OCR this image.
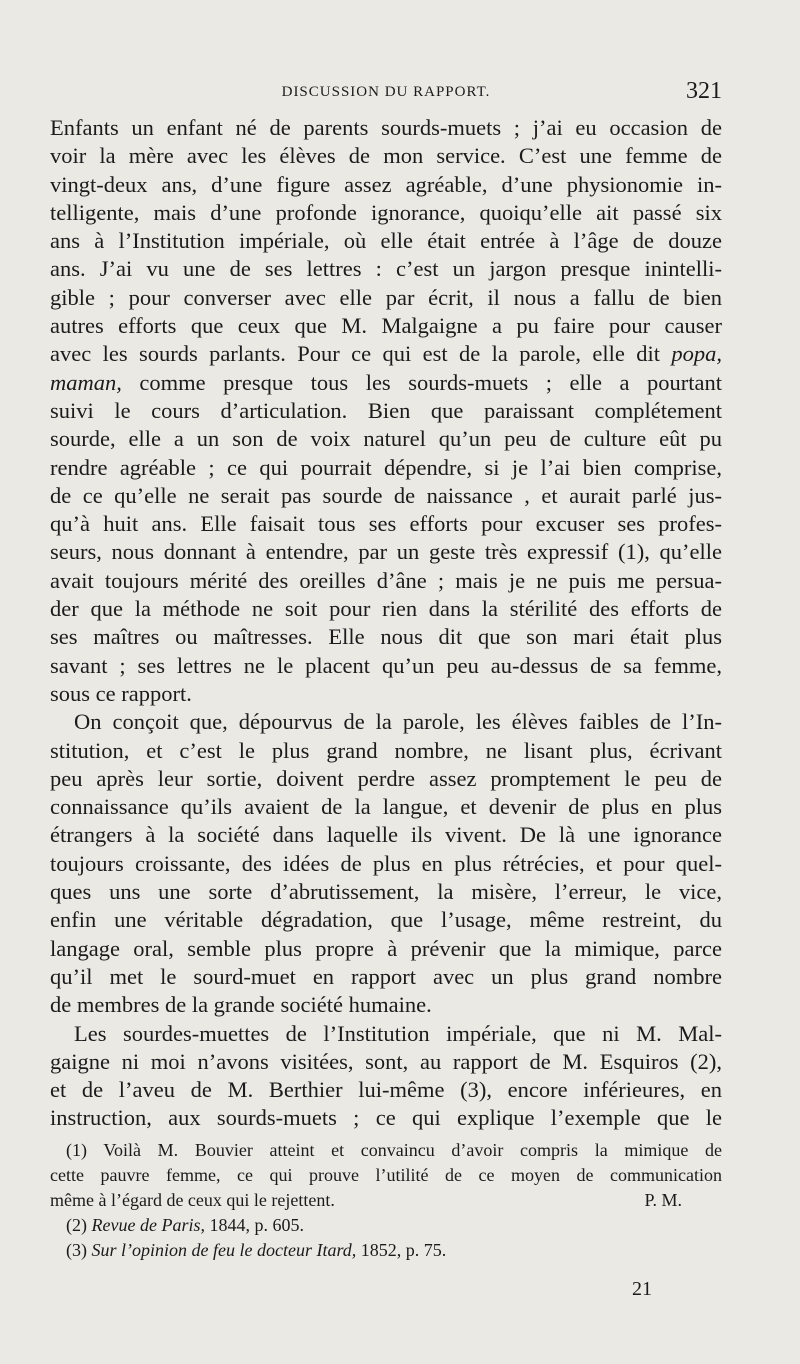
DISCUSSION DU RAPPORT.	321
Enfants un enfant né de parents sourds-muets ; j’ai eu occasion de
voir la mère avec les élèves de mon service. C’est une femme de
vingt-deux ans, d’une figure assez agréable, d’une physionomie in-
telligente, mais d’une profonde ignorance, quoiqu’elle ait passé six
ans à l’Institution impériale, où elle était entrée à l’âge de douze
ans. J’ai vu une de ses lettres : c’est un jargon presque inintelli-
gible ; pour converser avec elle par écrit, il nous a fallu de bien
autres efforts que ceux que M. Malgaigne a pu faire pour causer
avec les sourds parlants. Pour ce qui est de la parole, elle dit popa,
maman, comme presque tous les sourds-muets ; elle a pourtant
suivi le cours d’articulation. Bien que paraissant complétement
sourde, elle a un son de voix naturel qu’un peu de culture eût pu
rendre agréable ; ce qui pourrait dépendre, si je l’ai bien comprise,
de ce qu’elle ne serait pas sourde de naissance , et aurait parlé jus-
qu’à huit ans. Elle faisait tous ses efforts pour excuser ses profes-
seurs, nous donnant à entendre, par un geste très expressif (1), qu’elle
avait toujours mérité des oreilles d’âne ; mais je ne puis me persua-
der que la méthode ne soit pour rien dans la stérilité des efforts de
ses maîtres ou maîtresses. Elle nous dit que son mari était plus
savant ; ses lettres ne le placent qu’un peu au-dessus de sa femme,
sous ce rapport.
On conçoit que, dépourvus de la parole, les élèves faibles de l’In-
stitution, et c’est le plus grand nombre, ne lisant plus, écrivant
peu après leur sortie, doivent perdre assez promptement le peu de
connaissance qu’ils avaient de la langue, et devenir de plus en plus
étrangers à la société dans laquelle ils vivent. De là une ignorance
toujours croissante, des idées de plus en plus rétrécies, et pour quel-
ques uns une sorte d’abrutissement, la misère, l’erreur, le vice,
enfin une véritable dégradation, que l’usage, même restreint, du
langage oral, semble plus propre à prévenir que la mimique, parce
qu’il met le sourd-muet en rapport avec un plus grand nombre
de membres de la grande société humaine.
Les sourdes-muettes de l’Institution impériale, que ni M. Mal-
gaigne ni moi n’avons visitées, sont, au rapport de M. Esquiros (2),
et de l’aveu de M. Berthier lui-même (3), encore inférieures, en
instruction, aux sourds-muets ; ce qui explique l’exemple que le
(1) Voilà M. Bouvier atteint et convaincu d’avoir compris la mimique de
cette pauvre femme, ce qui prouve l’utilité de ce moyen de communication
même à l’égard de ceux qui le rejettent.	P. M.
(2) Revue de Paris, 1844, p. 605.
(3) Sur l’opinion de feu le docteur Itard, 1852, p. 75.
21
